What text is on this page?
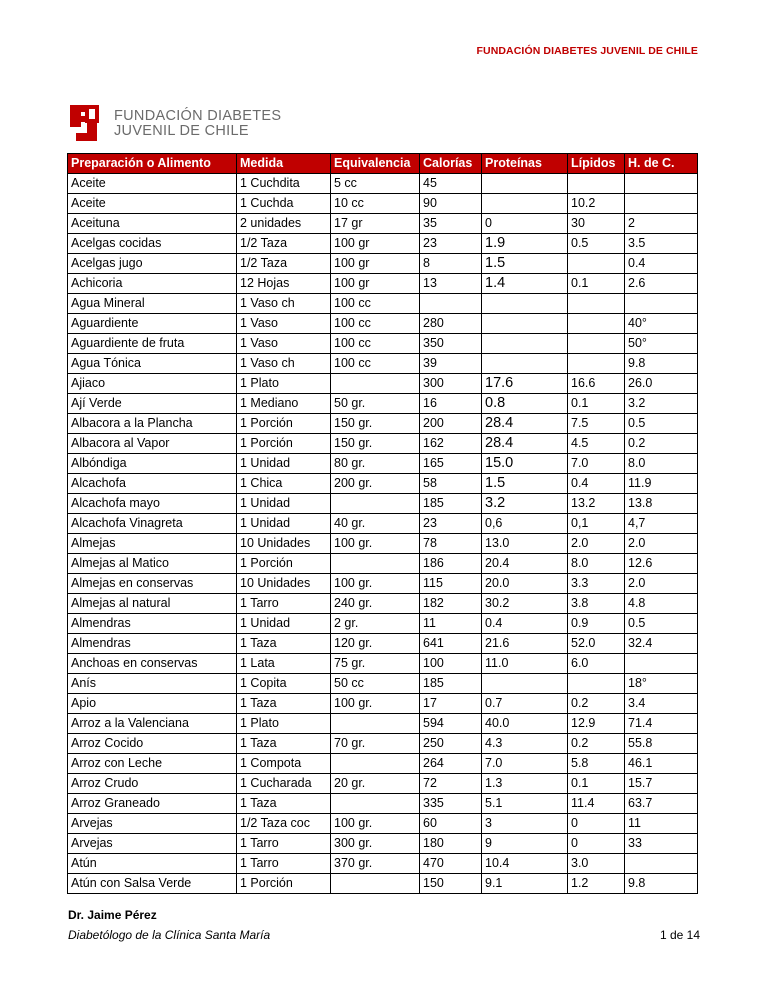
FUNDACIÓN DIABETES JUVENIL DE CHILE
FUNDACIÓN DIABETES
JUVENIL DE CHILE
Preparación o Alimento	Medida	Equivalencia	Calorías	Proteínas	Lípidos	H. de C.
Aceite	1 Cuchdita	5 cc	45			
Aceite	1 Cuchda	10 cc	90		10.2	
Aceituna	2 unidades	17 gr	35	0	30	2
Acelgas cocidas	1/2 Taza	100 gr	23	1.9	0.5	3.5
Acelgas jugo	1/2 Taza	100 gr	8	1.5		0.4
Achicoria	12 Hojas	100 gr	13	1.4	0.1	2.6
Agua Mineral	1 Vaso ch	100 cc				
Aguardiente	1 Vaso	100 cc	280			40°
Aguardiente de fruta	1 Vaso	100 cc	350			50°
Agua Tónica	1 Vaso ch	100 cc	39			9.8
Ajiaco	1 Plato		300	17.6	16.6	26.0
Ají Verde	1 Mediano	50 gr.	16	0.8	0.1	3.2
Albacora a la Plancha	1 Porción	150 gr.	200	28.4	7.5	0.5
Albacora al Vapor	1 Porción	150 gr.	162	28.4	4.5	0.2
Albóndiga	1 Unidad	80 gr.	165	15.0	7.0	8.0
Alcachofa	1 Chica	200 gr.	58	1.5	0.4	11.9
Alcachofa mayo	1 Unidad		185	3.2	13.2	13.8
Alcachofa Vinagreta	1 Unidad	40 gr.	23	0,6	0,1	4,7
Almejas	10 Unidades	100 gr.	78	13.0	2.0	2.0
Almejas al Matico	1 Porción		186	20.4	8.0	12.6
Almejas en conservas	10 Unidades	100 gr.	115	20.0	3.3	2.0
Almejas al natural	1 Tarro	240 gr.	182	30.2	3.8	4.8
Almendras	1 Unidad	2 gr.	11	0.4	0.9	0.5
Almendras	1 Taza	120 gr.	641	21.6	52.0	32.4
Anchoas en conservas	1 Lata	75 gr.	100	11.0	6.0	
Anís	1 Copita	50 cc	185			18°
Apio	1 Taza	100 gr.	17	0.7	0.2	3.4
Arroz a la Valenciana	1 Plato		594	40.0	12.9	71.4
Arroz Cocido	1 Taza	70 gr.	250	4.3	0.2	55.8
Arroz con Leche	1 Compota		264	7.0	5.8	46.1
Arroz Crudo	1 Cucharada	20 gr.	72	1.3	0.1	15.7
Arroz Graneado	1 Taza		335	5.1	11.4	63.7
Arvejas	1/2 Taza coc	100 gr.	60	3	0	11
Arvejas	1 Tarro	300 gr.	180	9	0	33
Atún	1 Tarro	370 gr.	470	10.4	3.0	
Atún con Salsa Verde	1 Porción		150	9.1	1.2	9.8
Dr. Jaime Pérez
Diabetólogo de la Clínica Santa María	1 de 14
